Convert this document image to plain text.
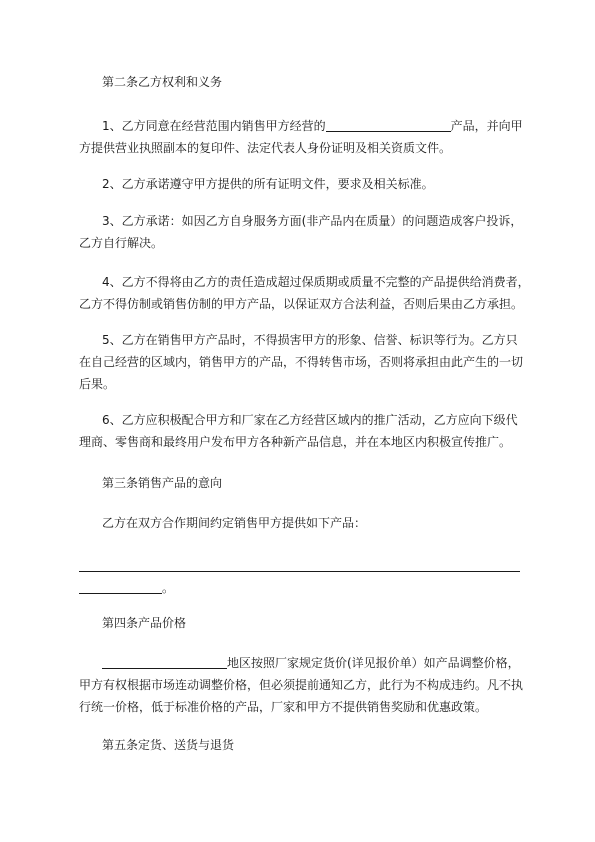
第二条乙方权利和义务
1、乙方同意在经营范围内销售甲方经营的	产品，并向甲
方提供营业执照副本的复印件、法定代表人身份证明及相关资质文件。
2、乙方承诺遵守甲方提供的所有证明文件，要求及相关标准。
3、乙方承诺：如因乙方自身服务方面(非产品内在质量）的问题造成客户投诉，
乙方自行解决。
4、乙方不得将由乙方的责任造成超过保质期或质量不完整的产品提供给消费者，
乙方不得仿制或销售仿制的甲方产品，以保证双方合法利益，否则后果由乙方承担。
5、乙方在销售甲方产品时，不得损害甲方的形象、信誉、标识等行为。乙方只
在自己经营的区域内，销售甲方的产品，不得转售市场，否则将承担由此产生的一切
后果。
6、乙方应积极配合甲方和厂家在乙方经营区域内的推广活动，乙方应向下级代
理商、零售商和最终用户发布甲方各种新产品信息，并在本地区内积极宣传推广。
第三条销售产品的意向
乙方在双方合作期间约定销售甲方提供如下产品：
。
第四条产品价格
地区按照厂家规定货价(详见报价单）如产品调整价格，
甲方有权根据市场连动调整价格，但必须提前通知乙方，此行为不构成违约。凡不执
行统一价格，低于标准价格的产品，厂家和甲方不提供销售奖励和优惠政策。
第五条定货、送货与退货
